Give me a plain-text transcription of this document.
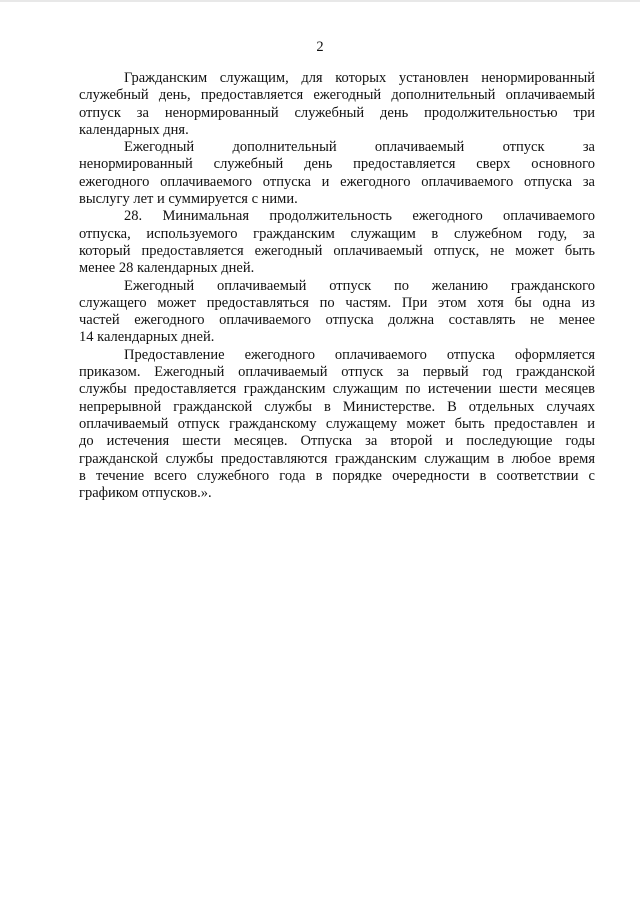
2
Гражданским служащим, для которых установлен ненормированный
служебный день, предоставляется ежегодный дополнительный оплачиваемый
отпуск за ненормированный служебный день продолжительностью три
календарных дня.
Ежегодный дополнительный оплачиваемый отпуск за
ненормированный служебный день предоставляется сверх основного
ежегодного оплачиваемого отпуска и ежегодного оплачиваемого отпуска за
выслугу лет и суммируется с ними.
28. Минимальная продолжительность ежегодного оплачиваемого
отпуска, используемого гражданским служащим в служебном году, за
который предоставляется ежегодный оплачиваемый отпуск, не может быть
менее 28 календарных дней.
Ежегодный оплачиваемый отпуск по желанию гражданского
служащего может предоставляться по частям. При этом хотя бы одна из
частей ежегодного оплачиваемого отпуска должна составлять не менее
14 календарных дней.
Предоставление ежегодного оплачиваемого отпуска оформляется
приказом. Ежегодный оплачиваемый отпуск за первый год гражданской
службы предоставляется гражданским служащим по истечении шести месяцев
непрерывной гражданской службы в Министерстве. В отдельных случаях
оплачиваемый отпуск гражданскому служащему может быть предоставлен и
до истечения шести месяцев. Отпуска за второй и последующие годы
гражданской службы предоставляются гражданским служащим в любое время
в течение всего служебного года в порядке очередности в соответствии с
графиком отпусков.».
